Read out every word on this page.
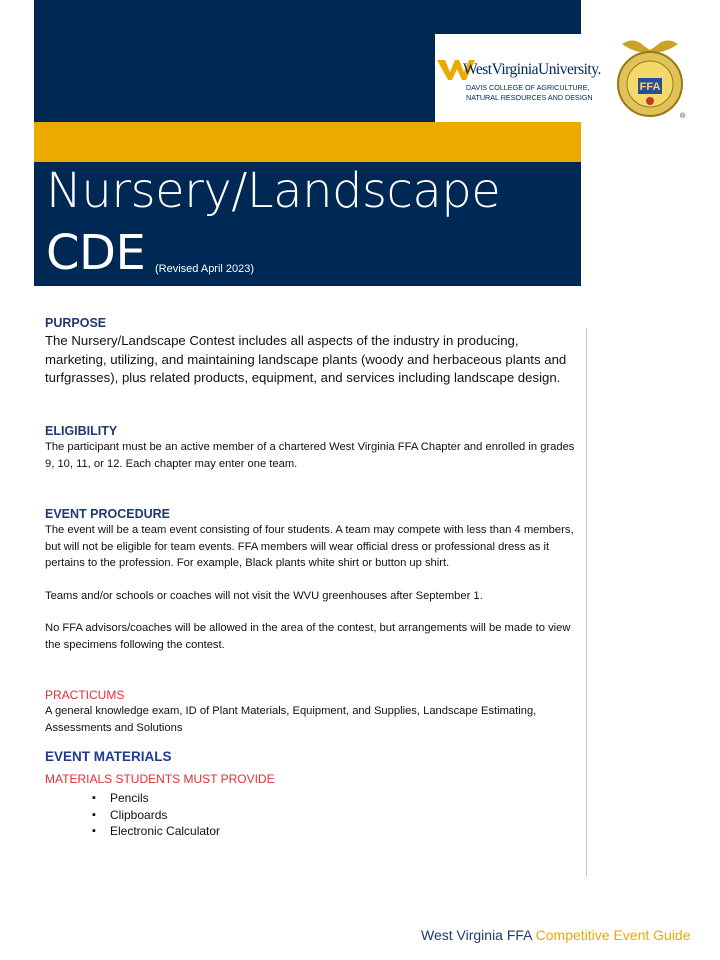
WestVirginiaUniversity.
DAVIS COLLEGE OF AGRICULTURE,
NATURAL RESOURCES AND DESIGN
FFA
®
Nursery/Landscape
CDE (Revised April 2023)

PURPOSE

The Nursery/Landscape Contest includes all aspects of the industry in producing, marketing, utilizing, and maintaining landscape plants (woody and herbaceous plants and turfgrasses), plus related products, equipment, and services including landscape design.

ELIGIBILITY

The participant must be an active member of a chartered West Virginia FFA Chapter and enrolled in grades 9, 10, 11, or 12. Each chapter may enter one team.

EVENT PROCEDURE

The event will be a team event consisting of four students. A team may compete with less than 4 members, but will not be eligible for team events. FFA members will wear official dress or professional dress as it pertains to the profession. For example, Black plants white shirt or button up shirt.

Teams and/or schools or coaches will not visit the WVU greenhouses after September 1.

No FFA advisors/coaches will be allowed in the area of the contest, but arrangements will be made to view the specimens following the contest.

PRACTICUMS

A general knowledge exam, ID of Plant Materials, Equipment, and Supplies, Landscape Estimating, Assessments and Solutions

EVENT MATERIALS

MATERIALS STUDENTS MUST PROVIDE

▪ Pencils
▪ Clipboards
▪ Electronic Calculator
West Virginia FFA Competitive Event Guide
